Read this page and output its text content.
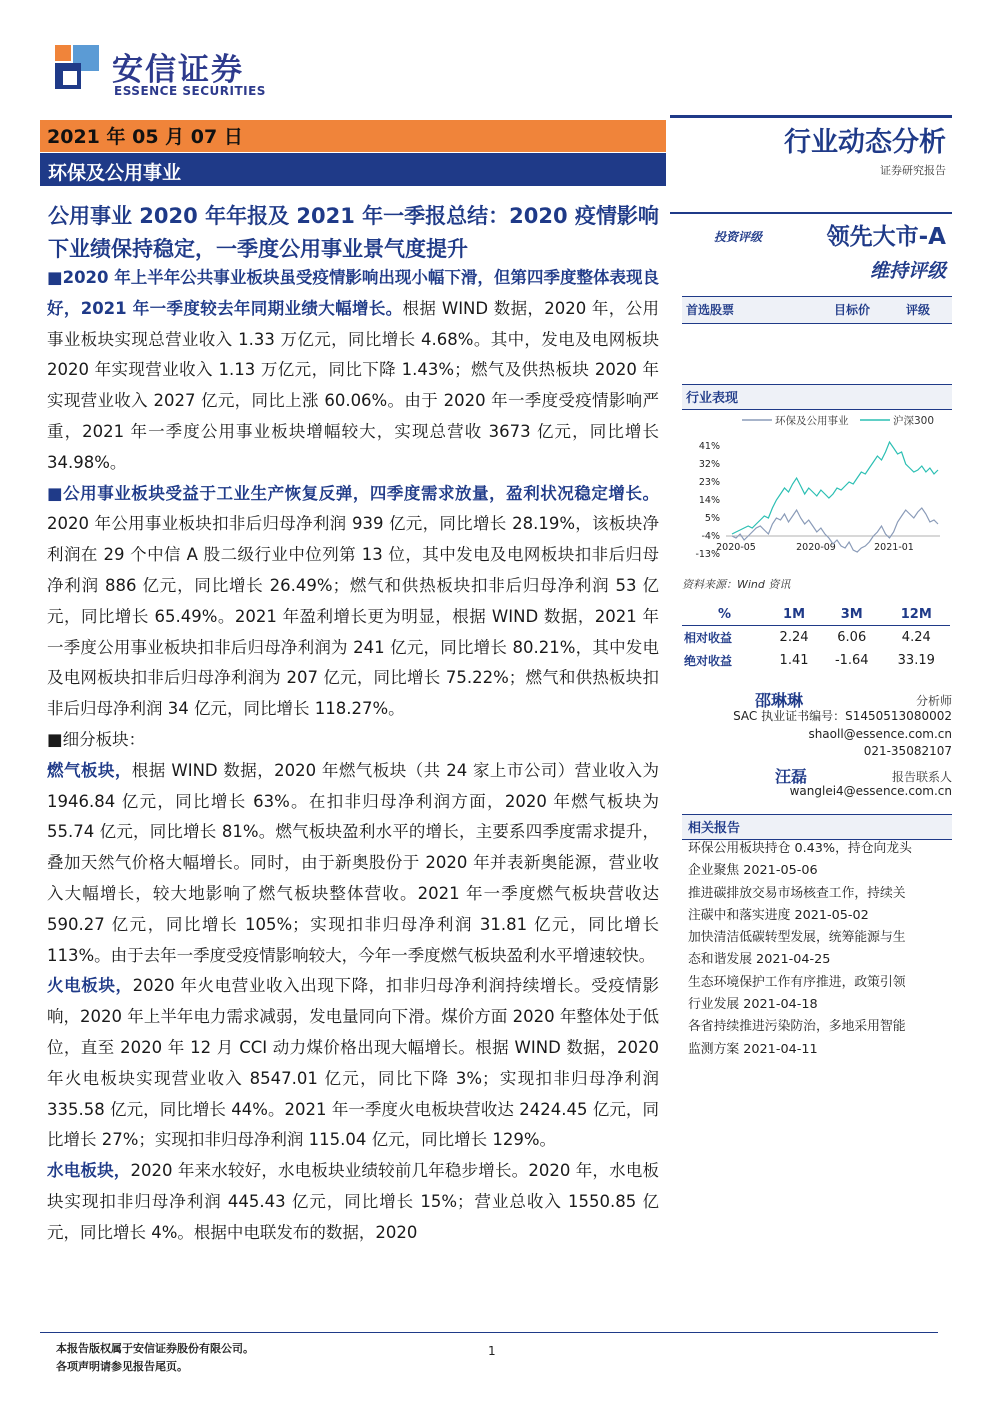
安信证券
ESSENCE SECURITIES
2021 年 05 月 07 日
环保及公用事业
行业动态分析
证券研究报告
公用事业 2020 年年报及 2021 年一季报总结：2020 疫情影响下业绩保持稳定，一季度公用事业景气度提升

■2020 年上半年公共事业板块虽受疫情影响出现小幅下滑，但第四季度整体表现良好，2021 年一季度较去年同期业绩大幅增长。根据 WIND 数据，2020 年，公用事业板块实现总营业收入 1.33 万亿元，同比增长 4.68%。其中，发电及电网板块 2020 年实现营业收入 1.13 万亿元，同比下降 1.43%；燃气及供热板块 2020 年实现营业收入 2027 亿元，同比上涨 60.06%。由于 2020 年一季度受疫情影响严重，2021 年一季度公用事业板块增幅较大，实现总营收 3673 亿元，同比增长 34.98%。

■公用事业板块受益于工业生产恢复反弹，四季度需求放量，盈利状况稳定增长。2020 年公用事业板块扣非后归母净利润 939 亿元，同比增长 28.19%，该板块净利润在 29 个中信 A 股二级行业中位列第 13 位，其中发电及电网板块扣非后归母净利润 886 亿元，同比增长 26.49%；燃气和供热板块扣非后归母净利润 53 亿元，同比增长 65.49%。2021 年盈利增长更为明显，根据 WIND 数据，2021 年一季度公用事业板块扣非后归母净利润为 241 亿元，同比增长 80.21%，其中发电及电网板块扣非后归母净利润为 207 亿元，同比增长 75.22%；燃气和供热板块扣非后归母净利润 34 亿元，同比增长 118.27%。

■细分板块：

燃气板块，根据 WIND 数据，2020 年燃气板块（共 24 家上市公司）营业收入为 1946.84 亿元，同比增长 63%。在扣非归母净利润方面，2020 年燃气板块为 55.74 亿元，同比增长 81%。燃气板块盈利水平的增长，主要系四季度需求提升，叠加天然气价格大幅增长。同时，由于新奥股份于 2020 年并表新奥能源，营业收入大幅增长，较大地影响了燃气板块整体营收。2021 年一季度燃气板块营收达 590.27 亿元，同比增长 105%；实现扣非归母净利润 31.81 亿元，同比增长 113%。由于去年一季度受疫情影响较大，今年一季度燃气板块盈利水平增速较快。

火电板块，2020 年火电营业收入出现下降，扣非归母净利润持续增长。受疫情影响，2020 年上半年电力需求减弱，发电量同向下滑。煤价方面 2020 年整体处于低位，直至 2020 年 12 月 CCI 动力煤价格出现大幅增长。根据 WIND 数据，2020 年火电板块实现营业收入 8547.01 亿元，同比下降 3%；实现扣非归母净利润 335.58 亿元，同比增长 44%。2021 年一季度火电板块营收达 2424.45 亿元，同比增长 27%；实现扣非归母净利润 115.04 亿元，同比增长 129%。

水电板块，2020 年来水较好，水电板块业绩较前几年稳步增长。2020 年，水电板块实现扣非归母净利润 445.43 亿元，同比增长 15%；营业总收入 1550.85 亿元，同比增长 4%。根据中电联发布的数据，2020

投资评级	领先大市-A
维持评级
首选股票	目标价	评级
行业表现
环保及公用事业	沪深300
41%
32%
23%
14%
5%
-4%
-13%
2020-05	2020-09	2021-01
资料来源：Wind 资讯
%	1M	3M	12M
相对收益	2.24	6.06	4.24
绝对收益	1.41	-1.64	33.19
邵琳琳	分析师
SAC 执业证书编号：S1450513080002
shaoll@essence.com.cn
021-35082107
汪磊	报告联系人
wanglei4@essence.com.cn
相关报告
环保公用板块持仓 0.43%，持仓向龙头
企业聚焦 2021-05-06
推进碳排放交易市场核查工作，持续关
注碳中和落实进度 2021-05-02
加快清洁低碳转型发展，统筹能源与生
态和谐发展 2021-04-25
生态环境保护工作有序推进，政策引领
行业发展 2021-04-18
各省持续推进污染防治，多地采用智能
监测方案 2021-04-11
本报告版权属于安信证券股份有限公司。
各项声明请参见报告尾页。
1
